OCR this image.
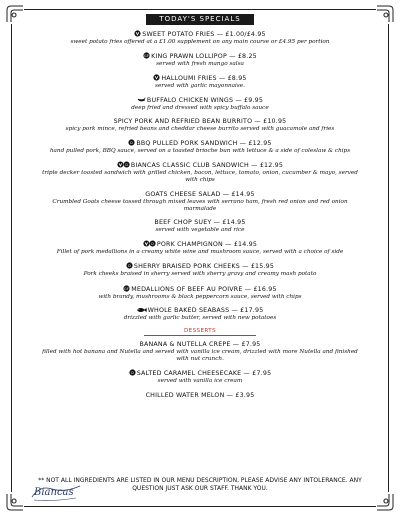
TODAY'S SPECIALS
SWEET POTATO FRIES — £1.00/£4.95
sweet potato fries offered at a £1.00 supplement on any main course or £4.95 per portion
GF KING PRAWN LOLLIPOP — £8.25
served with fresh mango salsa
HALLOUMI FRIES — £8.95
served with garlic mayonnaise.
BUFFALO CHICKEN WINGS — £9.95
deep fried and dressed with spicy buffalo sauce
SPICY PORK AND REFRIED BEAN BURRITO — £10.95
spicy pork mince, refried beans and cheddar cheese burrito served with guacamole and fries
D BBQ PULLED PORK SANDWICH — £12.95
hand pulled pork, BBQ sauce, served on a toasted brioche bun with lettuce & a side of coleslaw & chips
D BIANCAS CLASSIC CLUB SANDWICH — £12.95
triple decker toasted sandwich with grilled chicken, bacon, lettuce, tomato, onion, cucumber & mayo, served with chips
GOATS CHEESE SALAD — £14.95
Crumbled Goats cheese tossed through mixed leaves with serrano ham, fresh red onion and red onion marmalade
BEEF CHOP SUEY — £14.95
served with vegetable and rice
D PORK CHAMPIGNON — £14.95
Fillet of pork medallions in a creamy white wine and mushroom sauce, served with a choice of side
D SHERRY BRAISED PORK CHEEKS — £15.95
Pork cheeks braised in sherry served with sherry gravy and creamy mash potato
GF MEDALLIONS OF BEEF AU POIVRE — £16.95
with brandy, mushrooms & black peppercorn sauce, served with chips
WHOLE BAKED SEABASS — £17.95
drizzled with garlic butter, served with new potatoes
DESSERTS
BANANA & NUTELLA CREPE — £7.95
filled with hot banana and Nutella and served with vanilla ice cream, drizzled with more Nutella and finished with nut crunch.
D SALTED CARAMEL CHEESECAKE — £7.95
served with vanilla ice cream
CHILLED WATER MELON — £3.95
** NOT ALL INGREDIENTS ARE LISTED IN OUR MENU DESCRIPTION, PLEASE ADVISE ANY INTOLERANCE. ANY QUESTION JUST ASK OUR STAFF. THANK YOU.
Biancas
